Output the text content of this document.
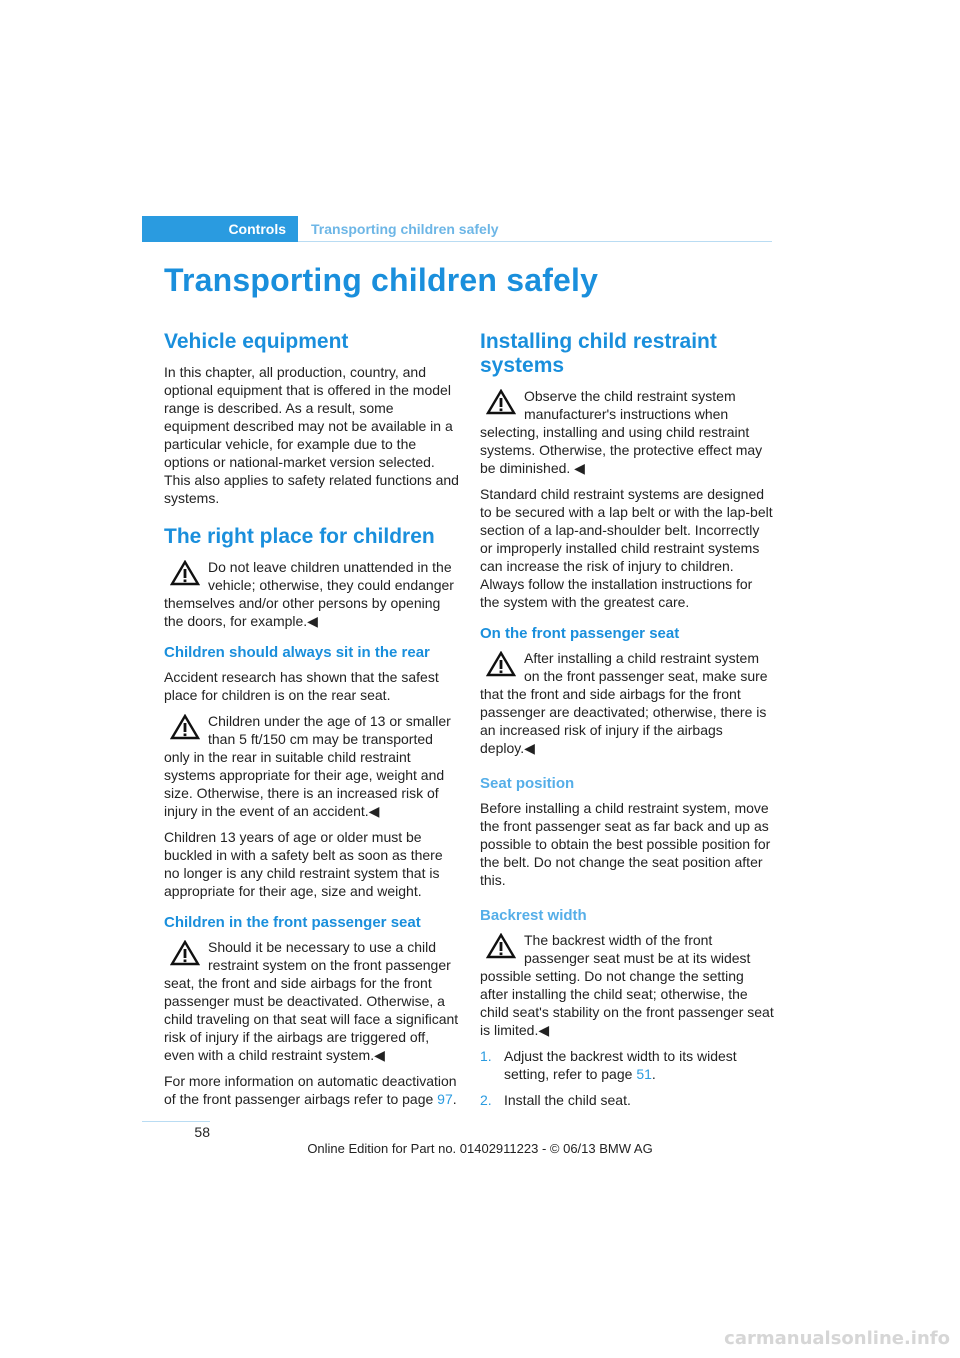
Controls Transporting children safely
Transporting children safely
Vehicle equipment

In this chapter, all production, country, and optional equipment that is offered in the model range is described. As a result, some equipment described may not be available in a particular vehicle, for example due to the options or national-market version selected. This also applies to safety related functions and systems.

The right place for children
Do not leave children unattended in the vehicle; otherwise, they could endanger themselves and/or other persons by opening the doors, for example.◀
Children should always sit in the rear

Accident research has shown that the safest place for children is on the rear seat.

Children under the age of 13 or smaller than 5 ft/150 cm may be transported only in the rear in suitable child restraint systems appropriate for their age, weight and size. Otherwise, there is an increased risk of injury in the event of an accident.◀

Children 13 years of age or older must be buckled in with a safety belt as soon as there no longer is any child restraint system that is appropriate for their age, size and weight.

Children in the front passenger seat
Should it be necessary to use a child restraint system on the front passenger seat, the front and side airbags for the front passenger must be deactivated. Otherwise, a child traveling on that seat will face a significant risk of injury if the airbags are triggered off, even with a child restraint system.◀

For more information on automatic deactivation of the front passenger airbags refer to page 97.

Installing child restraint systems
Observe the child restraint system manufacturer's instructions when selecting, installing and using child restraint systems. Otherwise, the protective effect may be diminished. ◀

Standard child restraint systems are designed to be secured with a lap belt or with the lap-belt section of a lap-and-shoulder belt. Incorrectly or improperly installed child restraint systems can increase the risk of injury to children. Always follow the installation instructions for the system with the greatest care.

On the front passenger seat
After installing a child restraint system on the front passenger seat, make sure that the front and side airbags for the front passenger are deactivated; otherwise, there is an increased risk of injury if the airbags deploy.◀
Seat position

Before installing a child restraint system, move the front passenger seat as far back and up as possible to obtain the best possible position for the belt. Do not change the seat position after this.

Backrest width
The backrest width of the front passenger seat must be at its widest possible setting. Do not change the setting after installing the child seat; otherwise, the child seat's stability on the front passenger seat is limited.◀
1. Adjust the backrest width to its widest setting, refer to page 51.
2. Install the child seat.
58
Online Edition for Part no. 01402911223 - © 06/13 BMW AG
carmanualsonline.info
